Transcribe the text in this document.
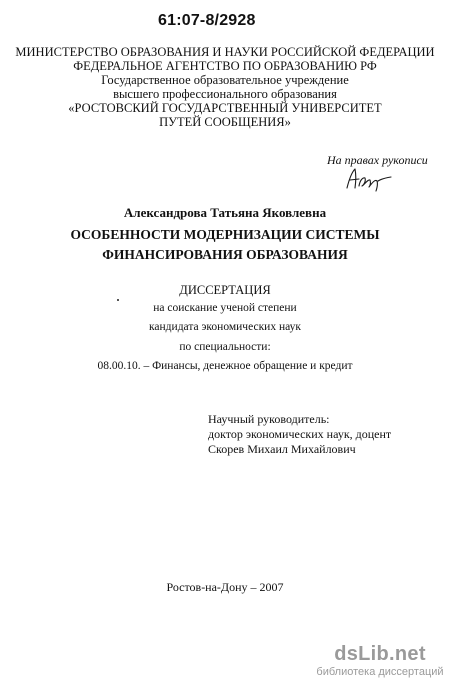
61:07-8/2928
МИНИСТЕРСТВО ОБРАЗОВАНИЯ И НАУКИ РОССИЙСКОЙ ФЕДЕРАЦИИ
ФЕДЕРАЛЬНОЕ АГЕНТСТВО ПО ОБРАЗОВАНИЮ РФ
Государственное образовательное учреждение
высшего профессионального образования
«РОСТОВСКИЙ ГОСУДАРСТВЕННЫЙ УНИВЕРСИТЕТ
ПУТЕЙ СООБЩЕНИЯ»
На правах рукописи
Александрова Татьяна Яковлевна
ОСОБЕННОСТИ МОДЕРНИЗАЦИИ СИСТЕМЫ
ФИНАНСИРОВАНИЯ ОБРАЗОВАНИЯ
ДИССЕРТАЦИЯ
на соискание ученой степени
кандидата экономических наук
по специальности:
08.00.10. – Финансы, денежное обращение и кредит
Научный руководитель:
доктор экономических наук, доцент
Скорев Михаил Михайлович
Ростов-на-Дону – 2007
dsLib.net
библиотека диссертаций
